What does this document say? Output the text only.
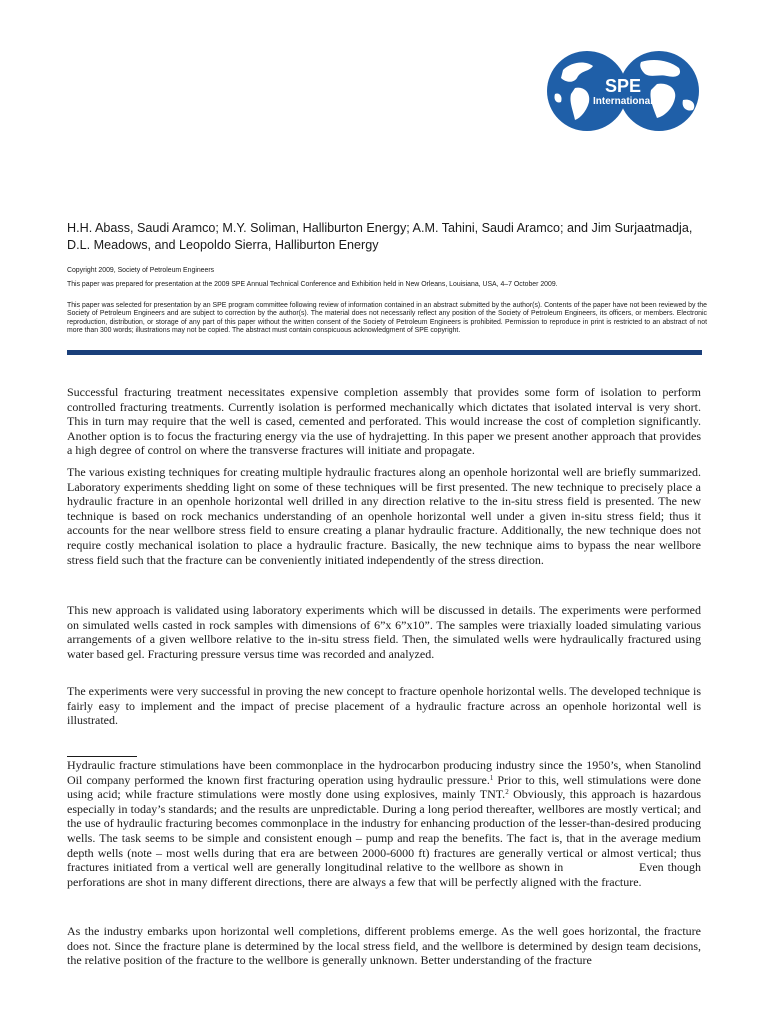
SPE
International

H.H. Abass, Saudi Aramco; M.Y. Soliman, Halliburton Energy; A.M. Tahini, Saudi Aramco; and Jim Surjaatmadja, D.L. Meadows, and Leopoldo Sierra, Halliburton Energy

Copyright 2009, Society of Petroleum Engineers

This paper was prepared for presentation at the 2009 SPE Annual Technical Conference and Exhibition held in New Orleans, Louisiana, USA, 4–7 October 2009.

This paper was selected for presentation by an SPE program committee following review of information contained in an abstract submitted by the author(s). Contents of the paper have not been reviewed by the Society of Petroleum Engineers and are subject to correction by the author(s). The material does not necessarily reflect any position of the Society of Petroleum Engineers, its officers, or members. Electronic reproduction, distribution, or storage of any part of this paper without the written consent of the Society of Petroleum Engineers is prohibited. Permission to reproduce in print is restricted to an abstract of not more than 300 words; illustrations may not be copied. The abstract must contain conspicuous acknowledgment of SPE copyright.

Successful fracturing treatment necessitates expensive completion assembly that provides some form of isolation to perform controlled fracturing treatments. Currently isolation is performed mechanically which dictates that isolated interval is very short. This in turn may require that the well is cased, cemented and perforated. This would increase the cost of completion significantly. Another option is to focus the fracturing energy via the use of hydrajetting. In this paper we present another approach that provides a high degree of control on where the transverse fractures will initiate and propagate.

The various existing techniques for creating multiple hydraulic fractures along an openhole horizontal well are briefly summarized. Laboratory experiments shedding light on some of these techniques will be first presented. The new technique to precisely place a hydraulic fracture in an openhole horizontal well drilled in any direction relative to the in-situ stress field is presented. The new technique is based on rock mechanics understanding of an openhole horizontal well under a given in-situ stress field; thus it accounts for the near wellbore stress field to ensure creating a planar hydraulic fracture. Additionally, the new technique does not require costly mechanical isolation to place a hydraulic fracture. Basically, the new technique aims to bypass the near wellbore stress field such that the fracture can be conveniently initiated independently of the stress direction.

This new approach is validated using laboratory experiments which will be discussed in details. The experiments were performed on simulated wells casted in rock samples with dimensions of 6”x 6”x10”. The samples were triaxially loaded simulating various arrangements of a given wellbore relative to the in-situ stress field. Then, the simulated wells were hydraulically fractured using water based gel. Fracturing pressure versus time was recorded and analyzed.

The experiments were very successful in proving the new concept to fracture openhole horizontal wells. The developed technique is fairly easy to implement and the impact of precise placement of a hydraulic fracture across an openhole horizontal well is illustrated.

Hydraulic fracture stimulations have been commonplace in the hydrocarbon producing industry since the 1950’s, when Stanolind Oil company performed the known first fracturing operation using hydraulic pressure.$^1$ Prior to this, well stimulations were done using acid; while fracture stimulations were mostly done using explosives, mainly TNT.$^2$ Obviously, this approach is hazardous especially in today’s standards; and the results are unpredictable. During a long period thereafter, wellbores are mostly vertical; and the use of hydraulic fracturing becomes commonplace in the industry for enhancing production of the lesser-than-desired producing wells. The task seems to be simple and consistent enough – pump and reap the benefits. The fact is, that in the average medium depth wells (note – most wells during that era are between 2000-6000 ft) fractures are generally vertical or almost vertical; thus fractures initiated from a vertical well are generally longitudinal relative to the wellbore as shown in                   Even though perforations are shot in many different directions, there are always a few that will be perfectly aligned with the fracture.

As the industry embarks upon horizontal well completions, different problems emerge. As the well goes horizontal, the fracture does not. Since the fracture plane is determined by the local stress field, and the wellbore is determined by design team decisions, the relative position of the fracture to the wellbore is generally unknown. Better understanding of the fracture
